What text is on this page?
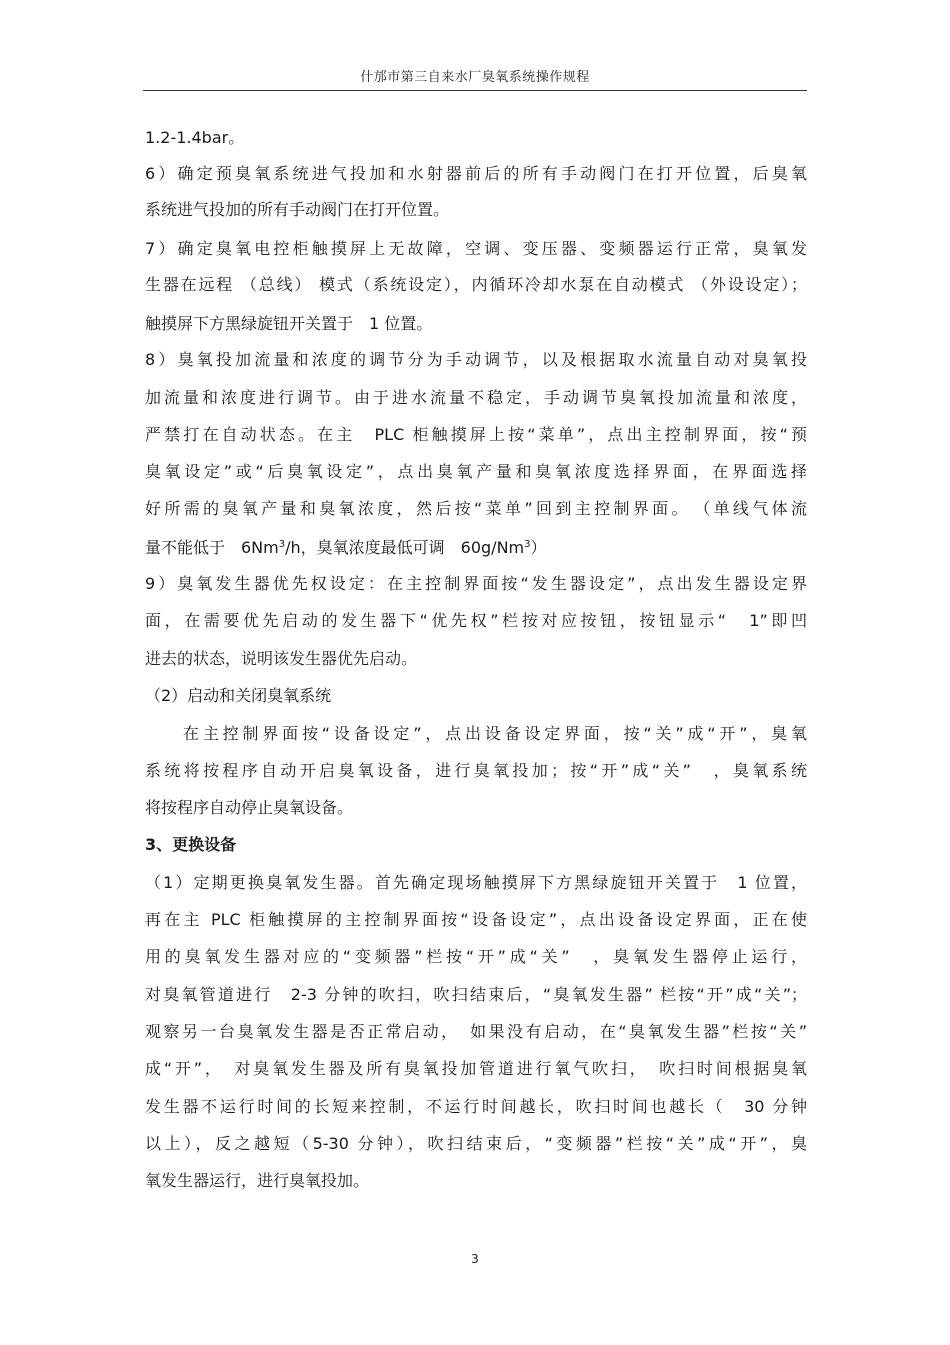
什邡市第三自来水厂臭氧系统操作规程
1.2-1.4bar。
6）确定预臭氧系统进气投加和水射器前后的所有手动阀门在打开位置，后臭氧
系统进气投加的所有手动阀门在打开位置。
7）确定臭氧电控柜触摸屏上无故障，空调、变压器、变频器运行正常，臭氧发
生器在远程 （总线） 模式（系统设定），内循环冷却水泵在自动模式 （外设设定）；
触摸屏下方黑绿旋钮开关置于　1 位置。
8）臭氧投加流量和浓度的调节分为手动调节，以及根据取水流量自动对臭氧投
加流量和浓度进行调节。由于进水流量不稳定，手动调节臭氧投加流量和浓度，
严禁打在自动状态。在主　PLC 柜触摸屏上按“菜单”，点出主控制界面，按“预
臭氧设定”或“后臭氧设定”，点出臭氧产量和臭氧浓度选择界面，在界面选择
好所需的臭氧产量和臭氧浓度，然后按“菜单”回到主控制界面。　（单线气体流
量不能低于　6Nm$^3$/h，臭氧浓度最低可调　60g/Nm$^3$）
9）臭氧发生器优先权设定：在主控制界面按“发生器设定”，点出发生器设定界
面，在需要优先启动的发生器下“优先权”栏按对应按钮，按钮显示“　1”即凹
进去的状态，说明该发生器优先启动。
（2）启动和关闭臭氧系统
在主控制界面按“设备设定”，点出设备设定界面，按“关”成“开”，臭氧
系统将按程序自动开启臭氧设备，进行臭氧投加；按“开”成“关”　，臭氧系统
将按程序自动停止臭氧设备。
3、更换设备
（1）定期更换臭氧发生器。首先确定现场触摸屏下方黑绿旋钮开关置于　1 位置，
再在主 PLC 柜触摸屏的主控制界面按“设备设定”，点出设备设定界面，正在使
用的臭氧发生器对应的“变频器”栏按“开”成“关”　，臭氧发生器停止运行，
对臭氧管道进行　2-3 分钟的吹扫，吹扫结束后，“臭氧发生器” 栏按“开”成“关”；
观察另一台臭氧发生器是否正常启动，　如果没有启动，在“臭氧发生器”栏按“关”
成“开”，　对臭氧发生器及所有臭氧投加管道进行氧气吹扫，　吹扫时间根据臭氧
发生器不运行时间的长短来控制，不运行时间越长，吹扫时间也越长（　30 分钟
以上），反之越短（5-30 分钟），吹扫结束后，“变频器”栏按“关”成“开”，臭
氧发生器运行，进行臭氧投加。
3
